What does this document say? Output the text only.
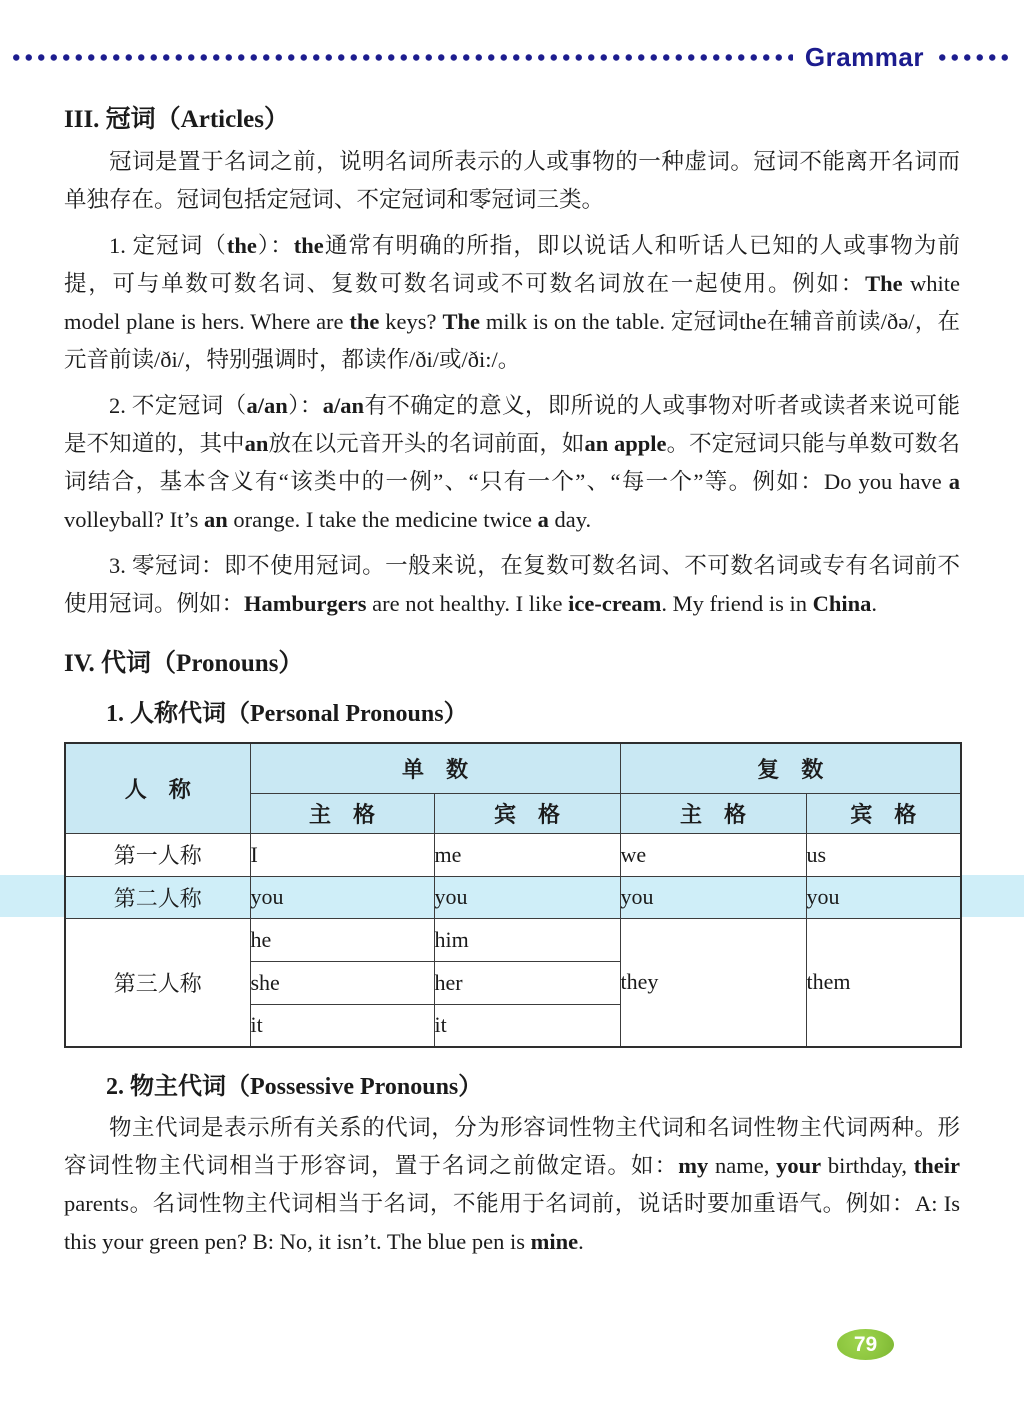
Grammar
III. 冠词（Articles）

冠词是置于名词之前，说明名词所表示的人或事物的一种虚词。冠词不能离开名词而单独存在。冠词包括定冠词、不定冠词和零冠词三类。

1. 定冠词（the）：the通常有明确的所指，即以说话人和听话人已知的人或事物为前提，可与单数可数名词、复数可数名词或不可数名词放在一起使用。例如：The white model plane is hers. Where are the keys? The milk is on the table. 定冠词the在辅音前读/ðə/，在元音前读/ði/，特别强调时，都读作/ði/或/ði:/。

2. 不定冠词（a/an）：a/an有不确定的意义，即所说的人或事物对听者或读者来说可能是不知道的，其中an放在以元音开头的名词前面，如an apple。不定冠词只能与单数可数名词结合，基本含义有“该类中的一例”、“只有一个”、“每一个”等。例如：Do you have a volleyball? It’s an orange. I take the medicine twice a day.

3. 零冠词：即不使用冠词。一般来说，在复数可数名词、不可数名词或专有名词前不使用冠词。例如：Hamburgers are not healthy. I like ice-cream. My friend is in China.

IV. 代词（Pronouns）
1. 人称代词（Personal Pronouns）
人　称	单　数		复　数	
	主　格	宾　格	主　格	宾　格
第一人称	I	me	we	us
第二人称	you	you	you	you
第三人称	he	him	they	them
	she	her		
	it	it		
2. 物主代词（Possessive Pronouns）

物主代词是表示所有关系的代词，分为形容词性物主代词和名词性物主代词两种。形容词性物主代词相当于形容词，置于名词之前做定语。如：my name, your birthday, their parents。名词性物主代词相当于名词，不能用于名词前，说话时要加重语气。例如：A: Is this your green pen? B: No, it isn’t. The blue pen is mine.

79
